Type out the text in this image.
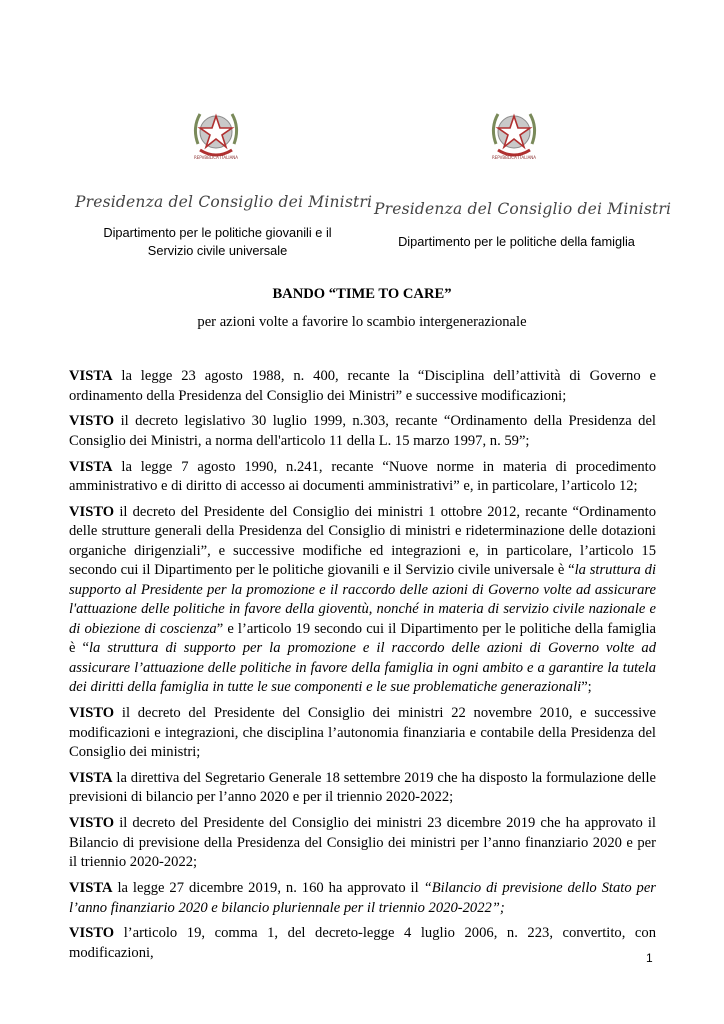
REPVBBLICA ITALIANA	REPVBBLICA ITALIANA
Presidenza del Consiglio dei Ministri
Dipartimento per le politiche giovanili e il
Servizio civile universale
Presidenza del Consiglio dei Ministri
Dipartimento per le politiche della famiglia
BANDO “TIME TO CARE”
per azioni volte a favorire lo scambio intergenerazionale

VISTA la legge 23 agosto 1988, n. 400, recante la “Disciplina dell’attività di Governo e ordinamento della Presidenza del Consiglio dei Ministri” e successive modificazioni;

VISTO il decreto legislativo 30 luglio 1999, n.303, recante “Ordinamento della Presidenza del Consiglio dei Ministri, a norma dell'articolo 11 della L. 15 marzo 1997, n. 59”;

VISTA la legge 7 agosto 1990, n.241, recante “Nuove norme in materia di procedimento amministrativo e di diritto di accesso ai documenti amministrativi” e, in particolare, l’articolo 12;

VISTO il decreto del Presidente del Consiglio dei ministri 1 ottobre 2012, recante “Ordinamento delle strutture generali della Presidenza del Consiglio di ministri e rideterminazione delle dotazioni organiche dirigenziali”, e successive modifiche ed integrazioni e, in particolare, l’articolo 15 secondo cui il Dipartimento per le politiche giovanili e il Servizio civile universale è “la struttura di supporto al Presidente per la promozione e il raccordo delle azioni di Governo volte ad assicurare l'attuazione delle politiche in favore della gioventù, nonché in materia di servizio civile nazionale e di obiezione di coscienza” e l’articolo 19 secondo cui il Dipartimento per le politiche della famiglia è “la struttura di supporto per la promozione e il raccordo delle azioni di Governo volte ad assicurare l’attuazione delle politiche in favore della famiglia in ogni ambito e a garantire la tutela dei diritti della famiglia in tutte le sue componenti e le sue problematiche generazionali”;

VISTO il decreto del Presidente del Consiglio dei ministri 22 novembre 2010, e successive modificazioni e integrazioni, che disciplina l’autonomia finanziaria e contabile della Presidenza del Consiglio dei ministri;

VISTA la direttiva del Segretario Generale 18 settembre 2019 che ha disposto la formulazione delle previsioni di bilancio per l’anno 2020 e per il triennio 2020-2022;

VISTO il decreto del Presidente del Consiglio dei ministri 23 dicembre 2019 che ha approvato il Bilancio di previsione della Presidenza del Consiglio dei ministri per l’anno finanziario 2020 e per il triennio 2020-2022;

VISTA la legge 27 dicembre 2019, n. 160 ha approvato il “Bilancio di previsione dello Stato per l’anno finanziario 2020 e bilancio pluriennale per il triennio 2020-2022”;

VISTO l’articolo 19, comma 1, del decreto-legge 4 luglio 2006, n. 223, convertito, con modificazioni,	1
